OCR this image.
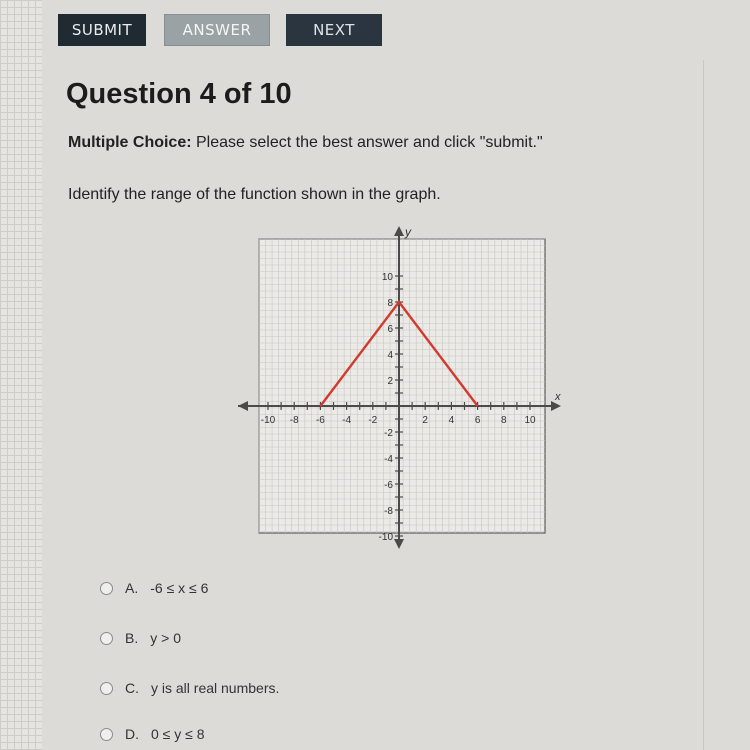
SUBMIT	ANSWER	NEXT
Question 4 of 10
Multiple Choice: Please select the best answer and click "submit."
Identify the range of the function shown in the graph.
x
y
-10 -8 -6 -4 -2	2 4 6 8 10
10
8
6
4
2
-2
-4
-6
-8
-10
A. -6 ≤ x ≤ 6
B. y > 0
C. y is all real numbers.
D. 0 ≤ y ≤ 8
